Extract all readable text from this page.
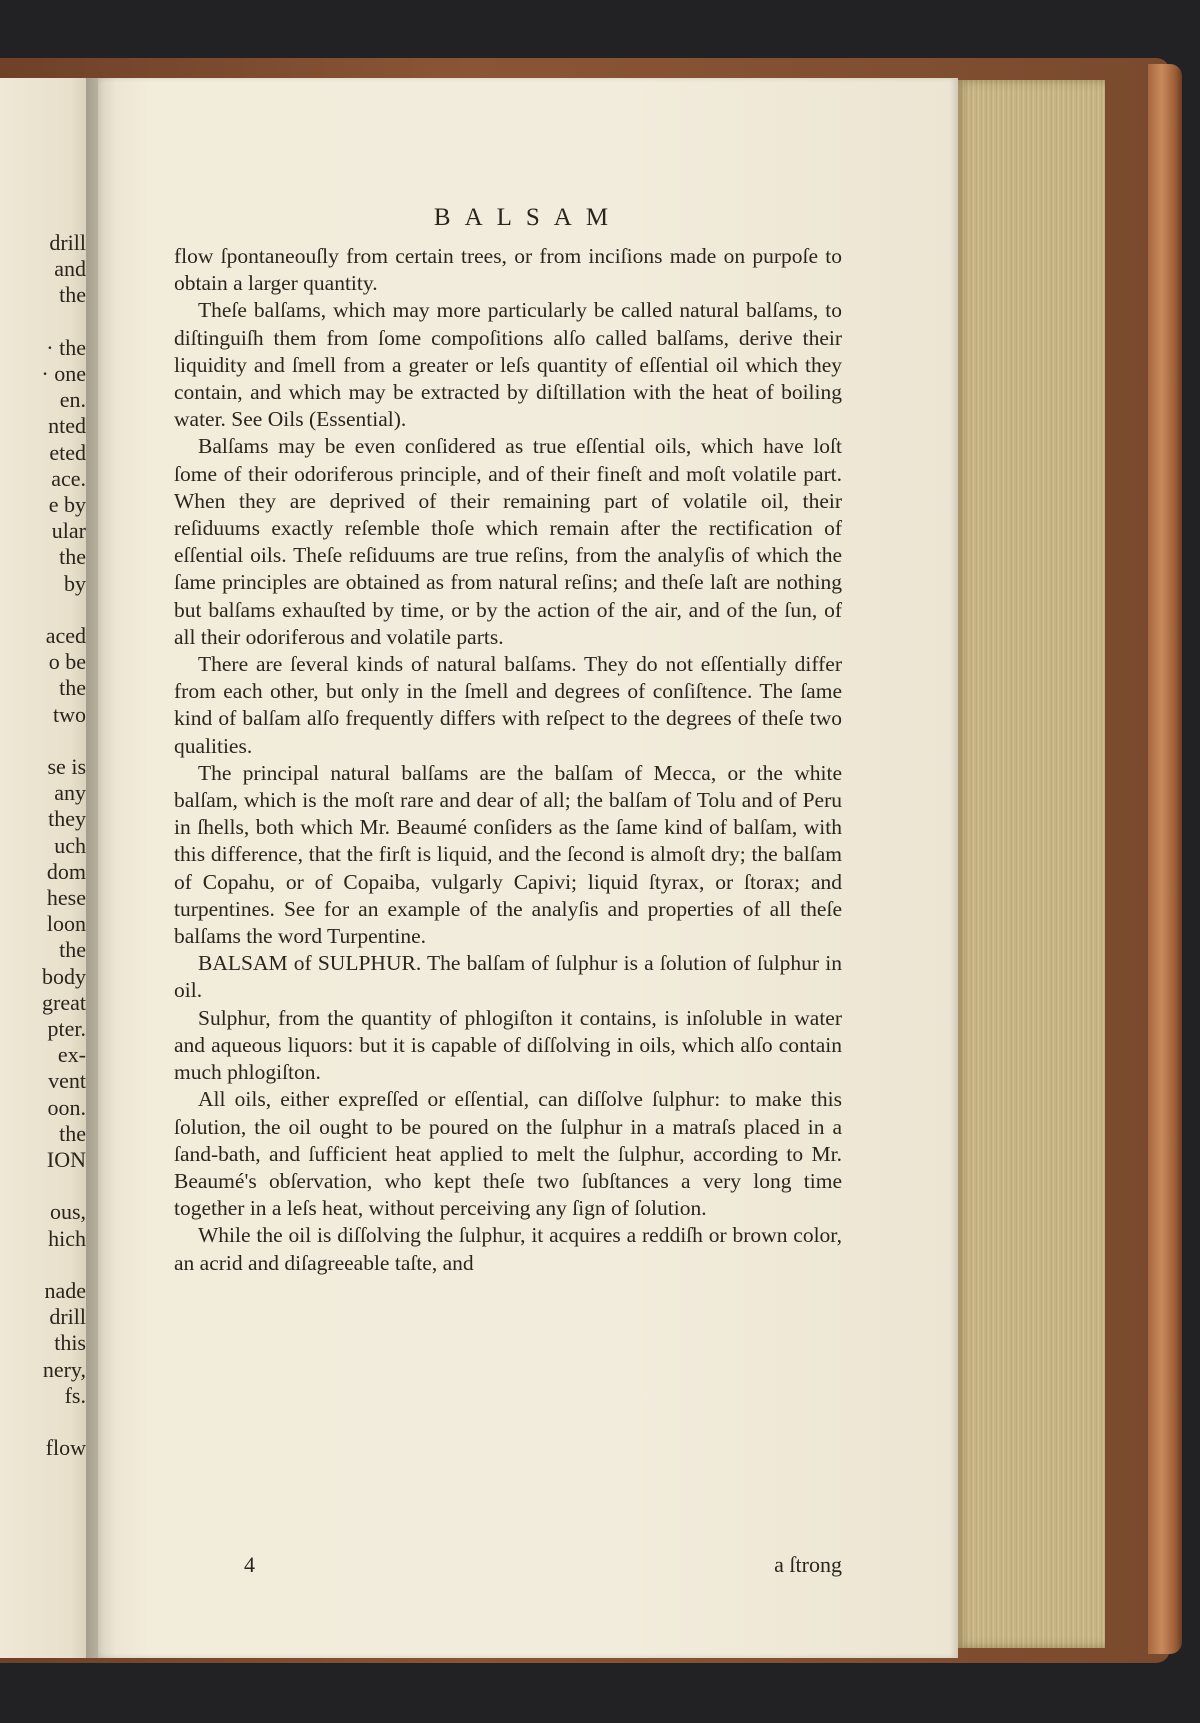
drill
and
the
· the
· one
en.
nted
eted
ace.
e by
ular
the
by
aced
o be
the
two
se is
any
they
uch
dom
hese
loon
the
body
great
pter.
ex-
vent
oon.
the
ION
ous,
hich
nade
drill
this
nery,
fs.
flow
BALSAM

flow ſpontaneouſly from certain trees, or from inciſions made on purpoſe to obtain a larger quantity.

Theſe balſams, which may more particularly be called natural balſams, to diſtinguiſh them from ſome compoſitions alſo called balſams, derive their liquidity and ſmell from a greater or leſs quantity of eſſential oil which they contain, and which may be extracted by diſtillation with the heat of boiling water. See Oils (Essential).

Balſams may be even conſidered as true eſſential oils, which have loſt ſome of their odoriferous principle, and of their fineſt and moſt volatile part. When they are deprived of their remaining part of volatile oil, their reſiduums exactly reſemble thoſe which remain after the rectification of eſſential oils. Theſe reſiduums are true reſins, from the analyſis of which the ſame principles are obtained as from natural reſins; and theſe laſt are nothing but balſams exhauſted by time, or by the action of the air, and of the ſun, of all their odoriferous and volatile parts.

There are ſeveral kinds of natural balſams. They do not eſſentially differ from each other, but only in the ſmell and degrees of conſiſtence. The ſame kind of balſam alſo frequently differs with reſpect to the degrees of theſe two qualities.

The principal natural balſams are the balſam of Mecca, or the white balſam, which is the moſt rare and dear of all; the balſam of Tolu and of Peru in ſhells, both which Mr. Beaumé conſiders as the ſame kind of balſam, with this difference, that the firſt is liquid, and the ſecond is almoſt dry; the balſam of Copahu, or of Copaiba, vulgarly Capivi; liquid ſtyrax, or ſtorax; and turpentines. See for an example of the analyſis and properties of all theſe balſams the word Turpentine.

BALSAM of SULPHUR. The balſam of ſulphur is a ſolution of ſulphur in oil.

Sulphur, from the quantity of phlogiſton it contains, is inſoluble in water and aqueous liquors: but it is capable of diſſolving in oils, which alſo contain much phlogiſton.

All oils, either expreſſed or eſſential, can diſſolve ſulphur: to make this ſolution, the oil ought to be poured on the ſulphur in a matraſs placed in a ſand-bath, and ſufficient heat applied to melt the ſulphur, according to Mr. Beaumé's obſervation, who kept theſe two ſubſtances a very long time together in a leſs heat, without perceiving any ſign of ſolution.

While the oil is diſſolving the ſulphur, it acquires a reddiſh or brown color, an acrid and diſagreeable taſte, and

4	a ſtrong
